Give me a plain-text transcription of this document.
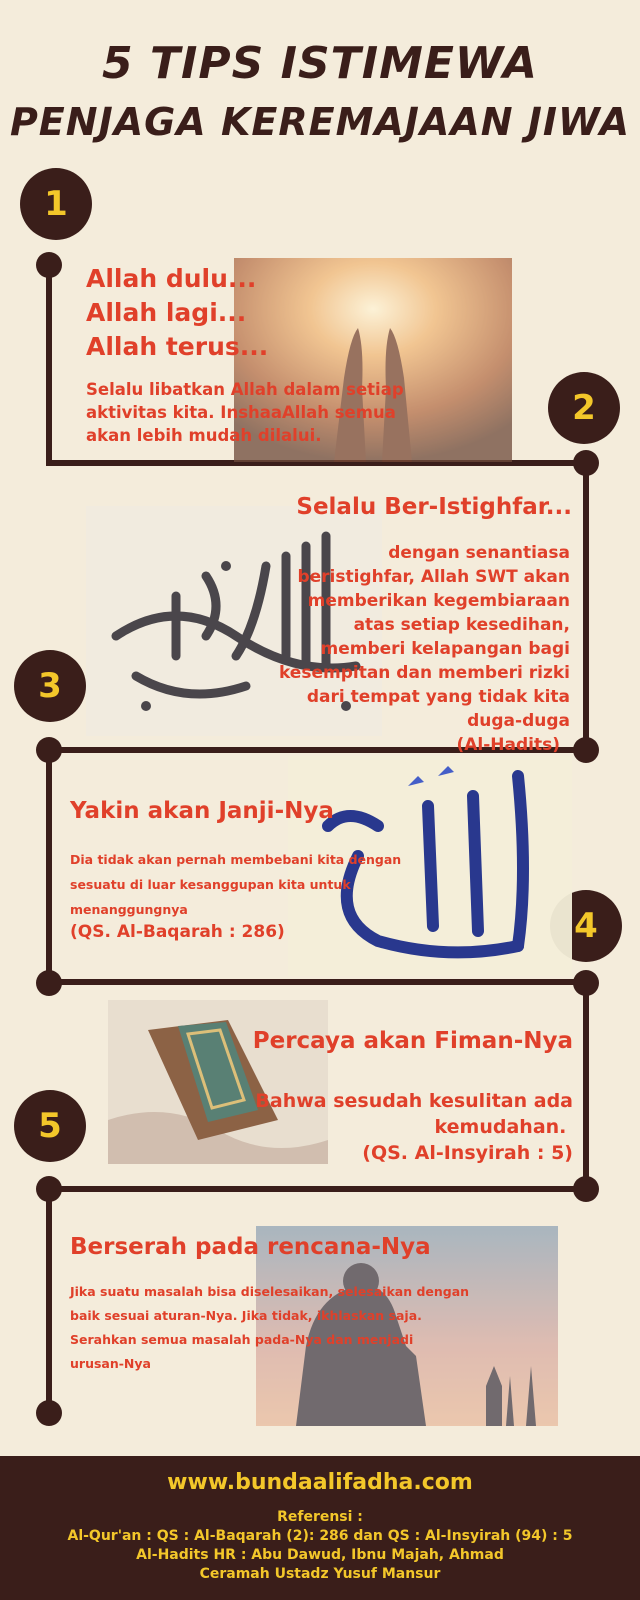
5 TIPS ISTIMEWA
PENJAGA KEREMAJAAN JIWA
1
2
3
4
5
Allah dulu...
Allah lagi...
Allah terus...
Selalu libatkan Allah dalam setiap
aktivitas kita. InshaaAllah semua
akan lebih mudah dilalui.
Selalu Ber-Istighfar...
dengan senantiasa
beristighfar, Allah SWT akan
memberikan kegembiaraan
atas setiap kesedihan,
memberi kelapangan bagi
kesempitan dan memberi rizki
dari tempat yang tidak kita
duga-duga
(Al-Hadits)
Yakin akan Janji-Nya
Dia tidak akan pernah membebani kita dengan
sesuatu di luar kesanggupan kita untuk
menanggungnya
(QS. Al-Baqarah : 286)
Percaya akan Fiman-Nya
Bahwa sesudah kesulitan ada
kemudahan.
(QS. Al-Insyirah : 5)
Berserah pada rencana-Nya
Jika suatu masalah bisa diselesaikan, selesaikan dengan
baik sesuai aturan-Nya. Jika tidak, ikhlaskan saja.
Serahkan semua masalah pada-Nya dan menjadi
urusan-Nya
www.bundaalifadha.com
Referensi :
Al-Qur'an : QS : Al-Baqarah (2): 286 dan QS : Al-Insyirah (94) : 5
Al-Hadits HR : Abu Dawud, Ibnu Majah, Ahmad
Ceramah Ustadz Yusuf Mansur
